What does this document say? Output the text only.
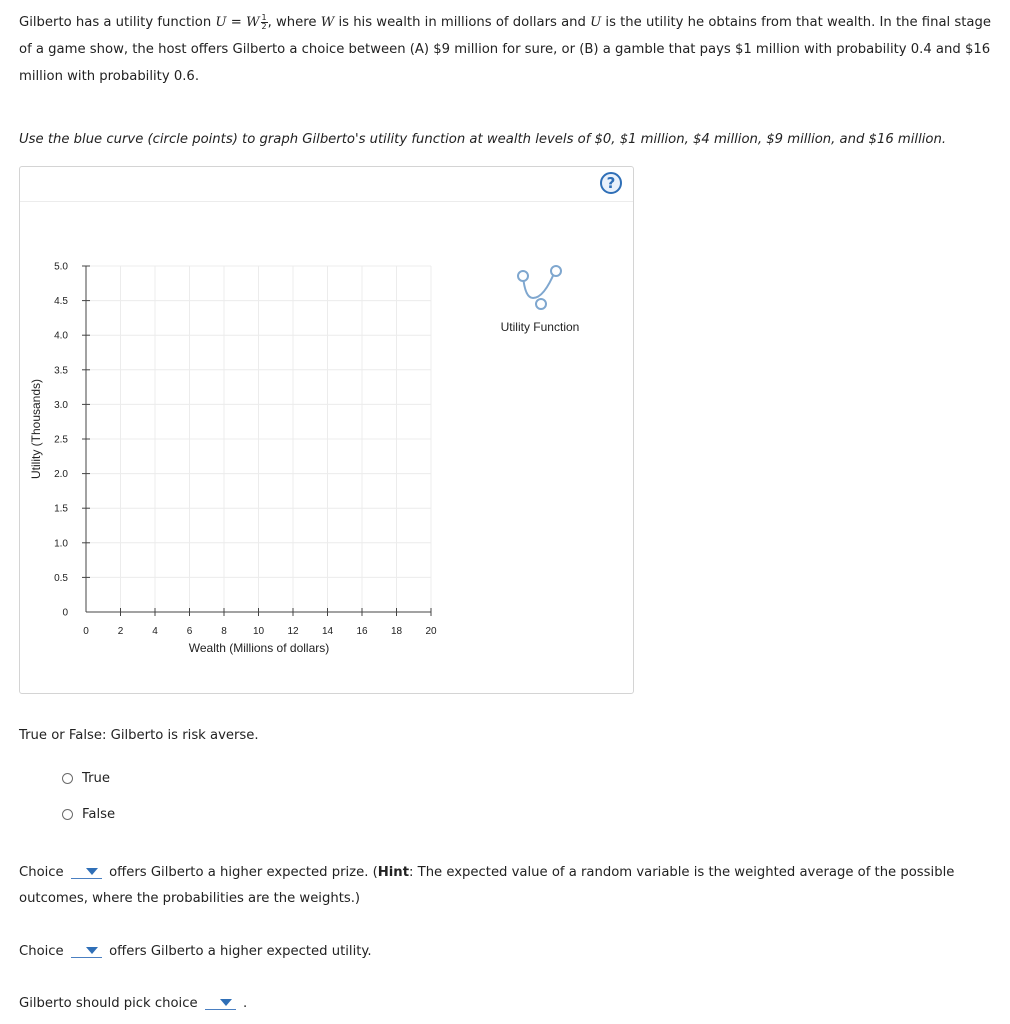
Gilberto has a utility function U = W $\frac{1}{2}$ , where W is his wealth in millions of dollars and U is the utility he obtains from that wealth. In the final stage of a game show, the host offers Gilberto a choice between (A) $9 million for sure, or (B) a gamble that pays $1 million with probability 0.4 and $16 million with probability 0.6.

Use the blue curve (circle points) to graph Gilberto's utility function at wealth levels of $0, $1 million, $4 million, $9 million, and $16 million.

?
0	2	4	6	8	10 12 14 16 18 20
0
0.5
1.0
1.5
2.0
2.5
3.0
3.5
4.0
4.5
5.0
Utility (Thousands)
Wealth (Millions of dollars)
Utility Function

True or False: Gilberto is risk averse.

True
False

Choice	offers Gilberto a higher expected prize. (Hint: The expected value of a random variable is the weighted average of the possible outcomes, where the probabilities are the weights.)

Choice	offers Gilberto a higher expected utility.

Gilberto should pick choice	.
